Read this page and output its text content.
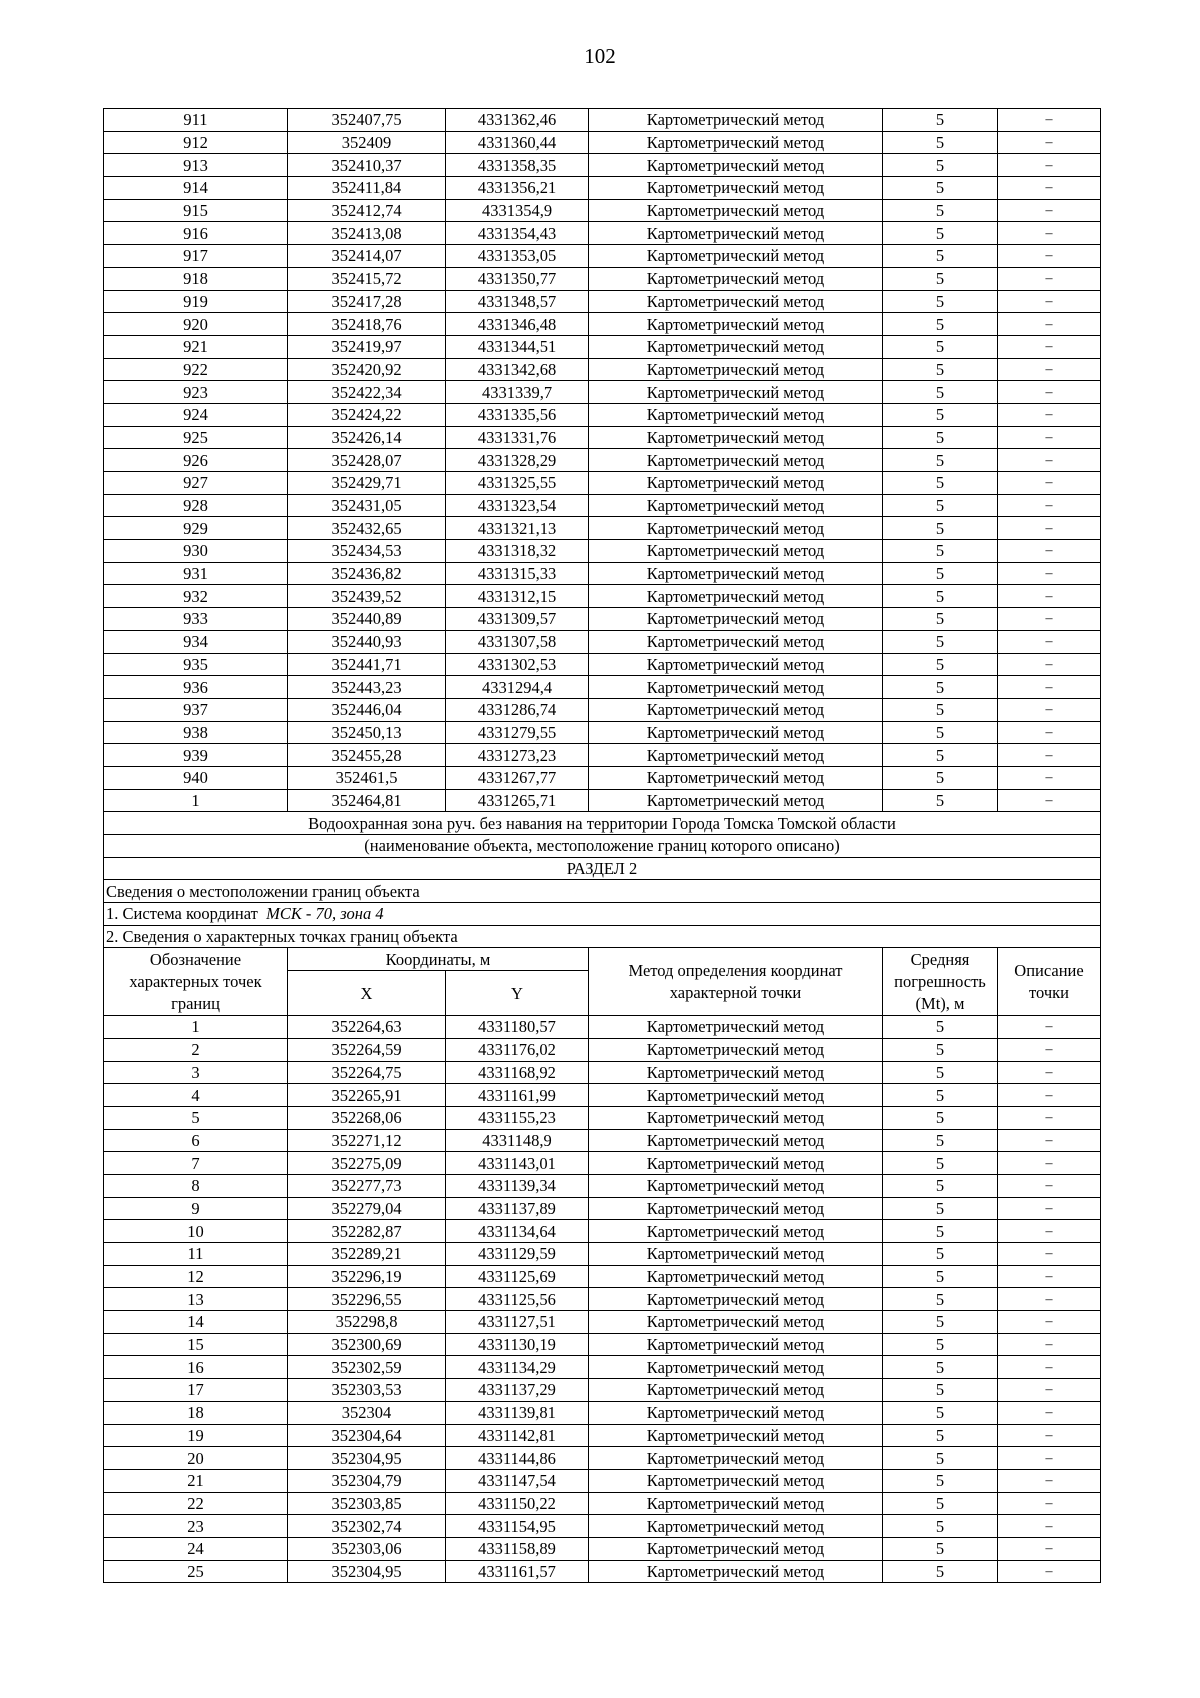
102
911	352407,75	4331362,46	Картометрический метод	5	–
912	352409	4331360,44	Картометрический метод	5	–
913	352410,37	4331358,35	Картометрический метод	5	–
914	352411,84	4331356,21	Картометрический метод	5	–
915	352412,74	4331354,9	Картометрический метод	5	–
916	352413,08	4331354,43	Картометрический метод	5	–
917	352414,07	4331353,05	Картометрический метод	5	–
918	352415,72	4331350,77	Картометрический метод	5	–
919	352417,28	4331348,57	Картометрический метод	5	–
920	352418,76	4331346,48	Картометрический метод	5	–
921	352419,97	4331344,51	Картометрический метод	5	–
922	352420,92	4331342,68	Картометрический метод	5	–
923	352422,34	4331339,7	Картометрический метод	5	–
924	352424,22	4331335,56	Картометрический метод	5	–
925	352426,14	4331331,76	Картометрический метод	5	–
926	352428,07	4331328,29	Картометрический метод	5	–
927	352429,71	4331325,55	Картометрический метод	5	–
928	352431,05	4331323,54	Картометрический метод	5	–
929	352432,65	4331321,13	Картометрический метод	5	–
930	352434,53	4331318,32	Картометрический метод	5	–
931	352436,82	4331315,33	Картометрический метод	5	–
932	352439,52	4331312,15	Картометрический метод	5	–
933	352440,89	4331309,57	Картометрический метод	5	–
934	352440,93	4331307,58	Картометрический метод	5	–
935	352441,71	4331302,53	Картометрический метод	5	–
936	352443,23	4331294,4	Картометрический метод	5	–
937	352446,04	4331286,74	Картометрический метод	5	–
938	352450,13	4331279,55	Картометрический метод	5	–
939	352455,28	4331273,23	Картометрический метод	5	–
940	352461,5	4331267,77	Картометрический метод	5	–
1	352464,81	4331265,71	Картометрический метод	5	–
Водоохранная зона руч. без навания на территории Города Томска Томской области					
(наименование объекта, местоположение границ которого описано)					
РАЗДЕЛ 2					
Сведения о местоположении границ объекта					
1. Система координат МСК - 70, зона 4					
2. Сведения о характерных точках границ объекта					
Обозначение характерных точек границ	Координаты, м		Метод определения координат характерной точки	Средняя погрешность (Mt), м	Описание точки
	X	Y			
1	352264,63	4331180,57	Картометрический метод	5	–
2	352264,59	4331176,02	Картометрический метод	5	–
3	352264,75	4331168,92	Картометрический метод	5	–
4	352265,91	4331161,99	Картометрический метод	5	–
5	352268,06	4331155,23	Картометрический метод	5	–
6	352271,12	4331148,9	Картометрический метод	5	–
7	352275,09	4331143,01	Картометрический метод	5	–
8	352277,73	4331139,34	Картометрический метод	5	–
9	352279,04	4331137,89	Картометрический метод	5	–
10	352282,87	4331134,64	Картометрический метод	5	–
11	352289,21	4331129,59	Картометрический метод	5	–
12	352296,19	4331125,69	Картометрический метод	5	–
13	352296,55	4331125,56	Картометрический метод	5	–
14	352298,8	4331127,51	Картометрический метод	5	–
15	352300,69	4331130,19	Картометрический метод	5	–
16	352302,59	4331134,29	Картометрический метод	5	–
17	352303,53	4331137,29	Картометрический метод	5	–
18	352304	4331139,81	Картометрический метод	5	–
19	352304,64	4331142,81	Картометрический метод	5	–
20	352304,95	4331144,86	Картометрический метод	5	–
21	352304,79	4331147,54	Картометрический метод	5	–
22	352303,85	4331150,22	Картометрический метод	5	–
23	352302,74	4331154,95	Картометрический метод	5	–
24	352303,06	4331158,89	Картометрический метод	5	–
25	352304,95	4331161,57	Картометрический метод	5	–
